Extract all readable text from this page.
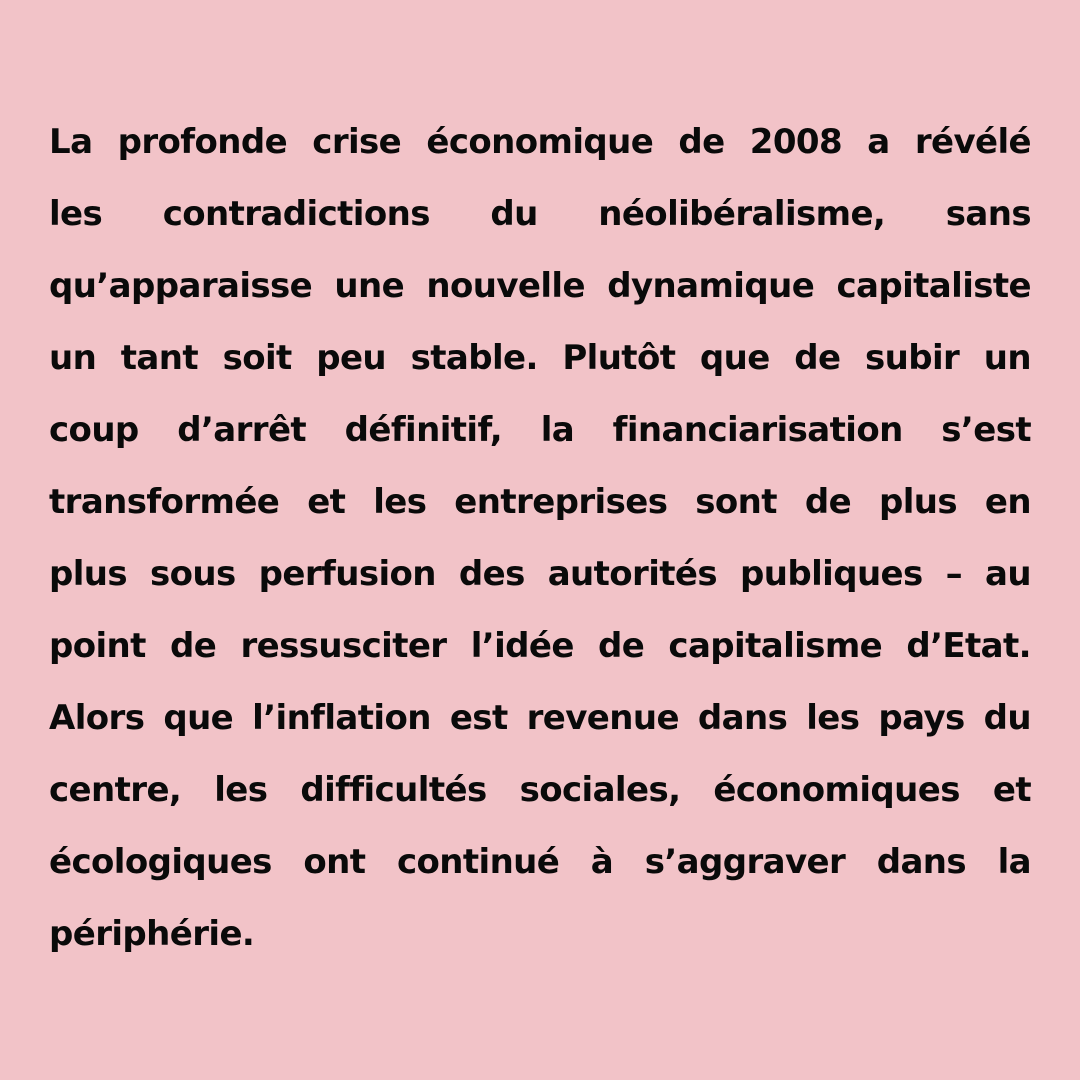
La profonde crise économique de 2008 a révélé
les contradictions du néolibéralisme, sans
qu’apparaisse une nouvelle dynamique capitaliste
un tant soit peu stable. Plutôt que de subir un
coup d’arrêt définitif, la financiarisation s’est
transformée et les entreprises sont de plus en
plus sous perfusion des autorités publiques – au
point de ressusciter l’idée de capitalisme d’Etat.
Alors que l’inflation est revenue dans les pays du
centre, les difficultés sociales, économiques et
écologiques ont continué à s’aggraver dans la
périphérie.
